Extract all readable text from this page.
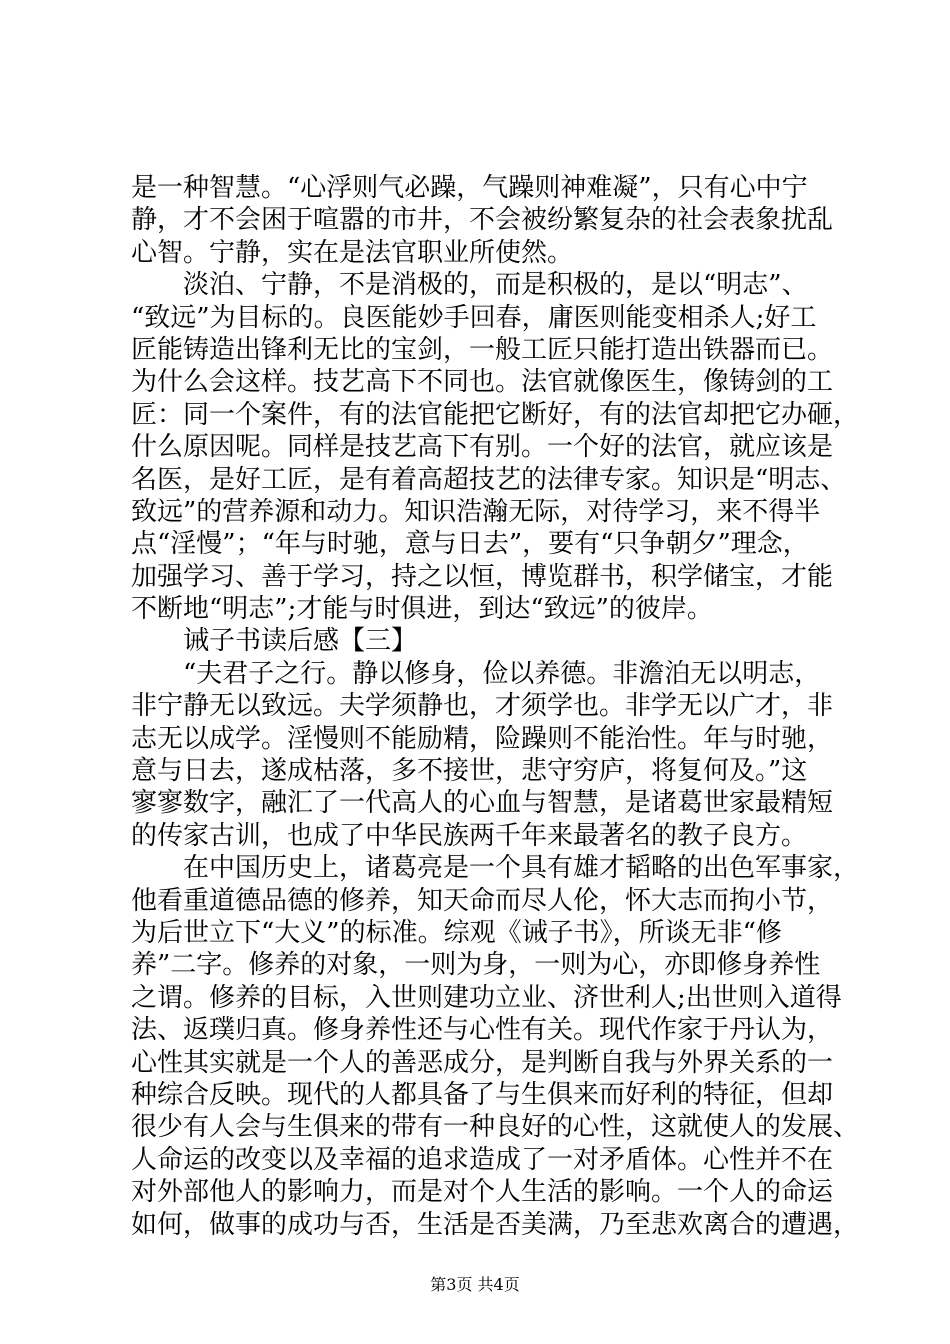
是一种智慧。“心浮则气必躁，气躁则神难凝”，只有心中宁
静，才不会困于喧嚣的市井，不会被纷繁复杂的社会表象扰乱
心智。宁静，实在是法官职业所使然。
淡泊、宁静，不是消极的，而是积极的，是以“明志”、
“致远”为目标的。良医能妙手回春，庸医则能变相杀人;好工
匠能铸造出锋利无比的宝剑，一般工匠只能打造出铁器而已。
为什么会这样。技艺高下不同也。法官就像医生，像铸剑的工
匠：同一个案件，有的法官能把它断好，有的法官却把它办砸，
什么原因呢。同样是技艺高下有别。一个好的法官，就应该是
名医，是好工匠，是有着高超技艺的法律专家。知识是“明志、
致远”的营养源和动力。知识浩瀚无际，对待学习，来不得半
点“淫慢”；“年与时驰，意与日去”，要有“只争朝夕”理念，
加强学习、善于学习，持之以恒，博览群书，积学储宝，才能
不断地“明志”;才能与时俱进，到达“致远”的彼岸。
诫子书读后感【三】
“夫君子之行。静以修身，俭以养德。非澹泊无以明志，
非宁静无以致远。夫学须静也，才须学也。非学无以广才，非
志无以成学。淫慢则不能励精，险躁则不能治性。年与时驰，
意与日去，遂成枯落，多不接世，悲守穷庐，将复何及。”这
寥寥数字，融汇了一代高人的心血与智慧，是诸葛世家最精短
的传家古训，也成了中华民族两千年来最著名的教子良方。
在中国历史上，诸葛亮是一个具有雄才韬略的出色军事家，
他看重道德品德的修养，知天命而尽人伦，怀大志而拘小节，
为后世立下“大义”的标准。综观《诫子书》，所谈无非“修
养”二字。修养的对象，一则为身，一则为心，亦即修身养性
之谓。修养的目标，入世则建功立业、济世利人;出世则入道得
法、返璞归真。修身养性还与心性有关。现代作家于丹认为，
心性其实就是一个人的善恶成分，是判断自我与外界关系的一
种综合反映。现代的人都具备了与生俱来而好利的特征，但却
很少有人会与生俱来的带有一种良好的心性，这就使人的发展、
人命运的改变以及幸福的追求造成了一对矛盾体。心性并不在
对外部他人的影响力，而是对个人生活的影响。一个人的命运
如何，做事的成功与否，生活是否美满，乃至悲欢离合的遭遇，
第3页 共4页
